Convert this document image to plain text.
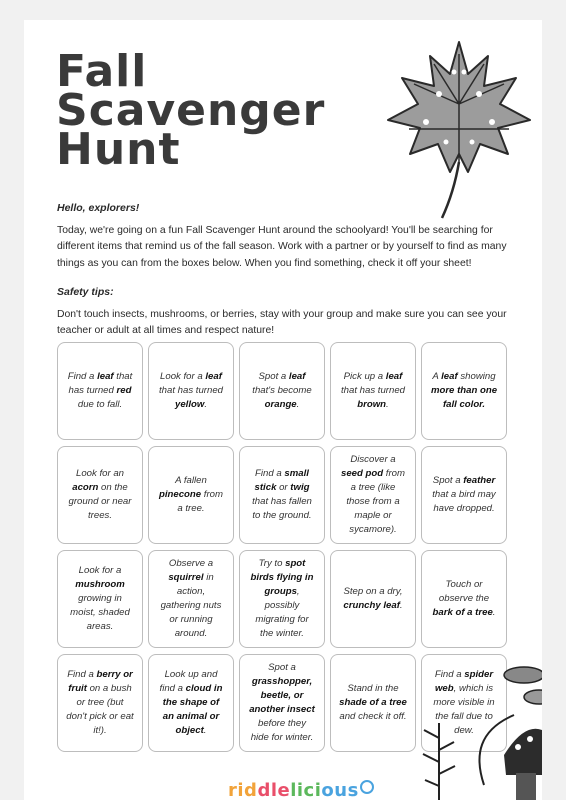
Fall
Scavenger
Hunt
Hello, explorers!

Today, we're going on a fun Fall Scavenger Hunt around the schoolyard! You'll be searching for different items that remind us of the fall season. Work with a partner or by yourself to find as many things as you can from the boxes below. When you find something, check it off your sheet!

Safety tips:

Don't touch insects, mushrooms, or berries, stay with your group and make sure you can see your teacher or adult at all times and respect nature!

Find a leaf that has turned red due to fall.
Look for a leaf that has turned yellow.
Spot a leaf that's become orange.
Pick up a leaf that has turned brown.
A leaf showing more than one fall color.
Look for an acorn on the ground or near trees.
A fallen pinecone from a tree.
Find a small stick or twig that has fallen to the ground.
Discover a seed pod from a tree (like those from a maple or sycamore).
Spot a feather that a bird may have dropped.
Look for a mushroom growing in moist, shaded areas.
Observe a squirrel in action, gathering nuts or running around.
Try to spot birds flying in groups, possibly migrating for the winter.
Step on a dry, crunchy leaf.
Touch or observe the bark of a tree.
Find a berry or fruit on a bush or tree (but don't pick or eat it!).
Look up and find a cloud in the shape of an animal or object.
Spot a grasshopper, beetle, or another insect before they hide for winter.
Stand in the shade of a tree and check it off.
Find a spider web, which is more visible in the fall due to dew.
riddlelicious
